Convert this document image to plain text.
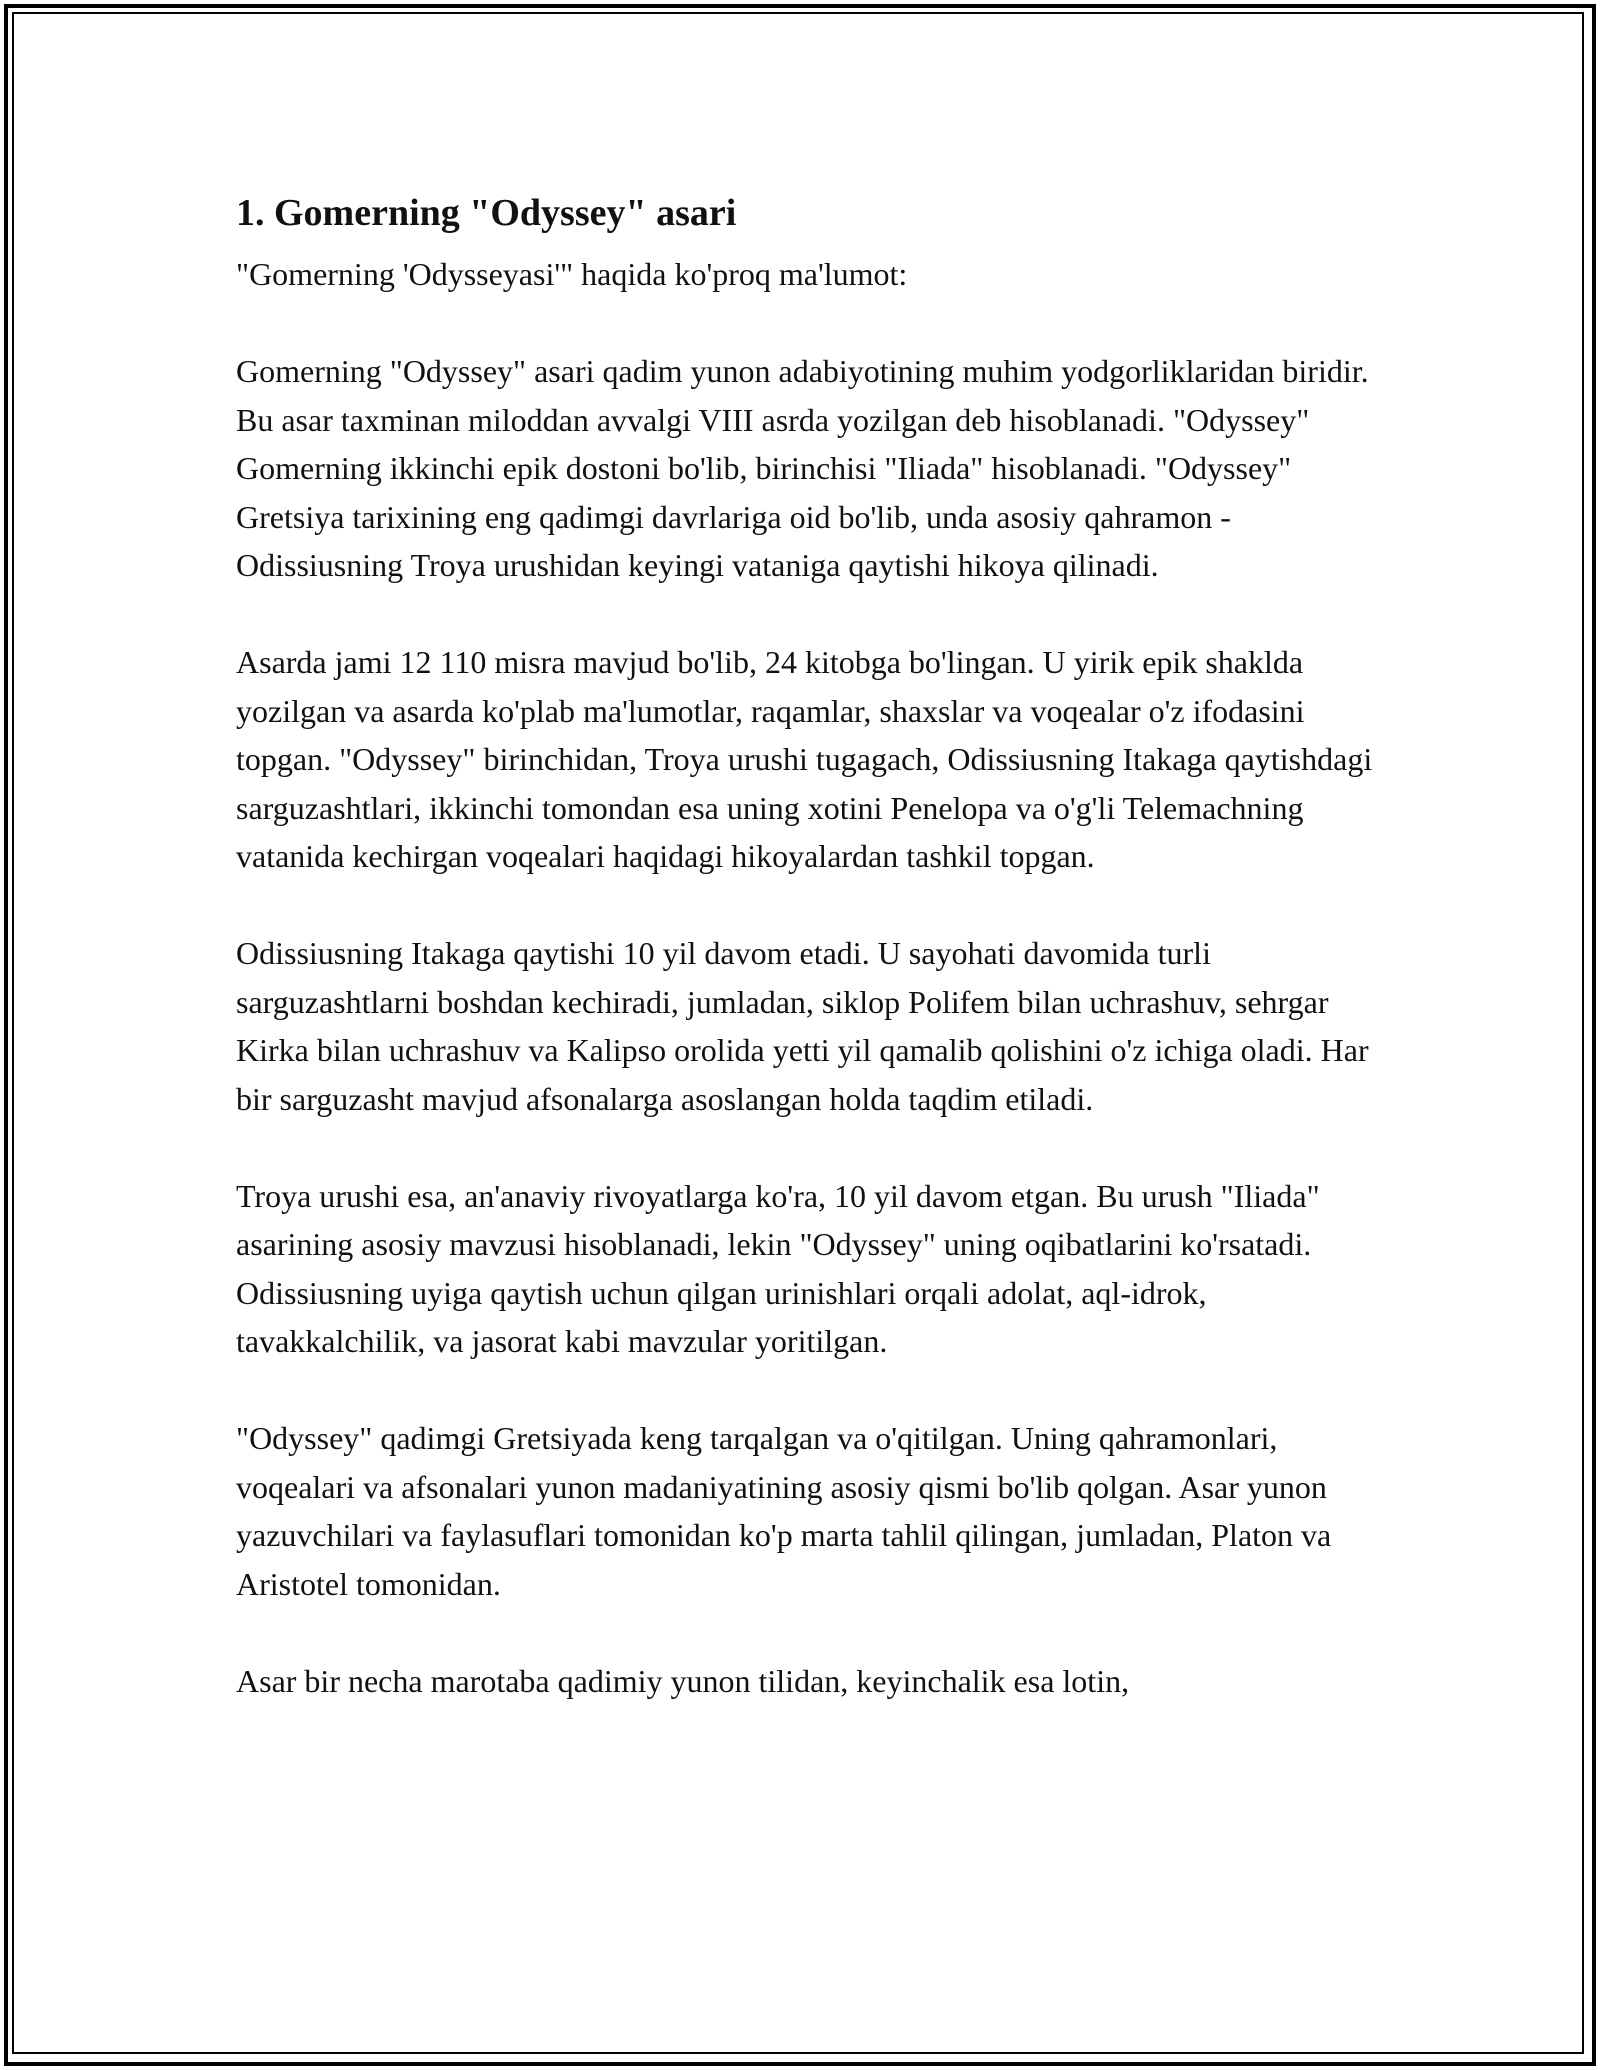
1. Gomerning "Odyssey" asari

"Gomerning 'Odysseyasi'" haqida ko'proq ma'lumot:

Gomerning "Odyssey" asari qadim yunon adabiyotining muhim yodgorliklaridan biridir. Bu asar taxminan miloddan avvalgi VIII asrda yozilgan deb hisoblanadi. "Odyssey" Gomerning ikkinchi epik dostoni bo'lib, birinchisi "Iliada" hisoblanadi. "Odyssey" Gretsiya tarixining eng qadimgi davrlariga oid bo'lib, unda asosiy qahramon - Odissiusning Troya urushidan keyingi vataniga qaytishi hikoya qilinadi.

Asarda jami 12 110 misra mavjud bo'lib, 24 kitobga bo'lingan. U yirik epik shaklda yozilgan va asarda ko'plab ma'lumotlar, raqamlar, shaxslar va voqealar o'z ifodasini topgan. "Odyssey" birinchidan, Troya urushi tugagach, Odissiusning Itakaga qaytishdagi sarguzashtlari, ikkinchi tomondan esa uning xotini Penelopa va o'g'li Telemachning vatanida kechirgan voqealari haqidagi hikoyalardan tashkil topgan.

Odissiusning Itakaga qaytishi 10 yil davom etadi. U sayohati davomida turli sarguzashtlarni boshdan kechiradi, jumladan, siklop Polifem bilan uchrashuv, sehrgar Kirka bilan uchrashuv va Kalipso orolida yetti yil qamalib qolishini o'z ichiga oladi. Har bir sarguzasht mavjud afsonalarga asoslangan holda taqdim etiladi.

Troya urushi esa, an'anaviy rivoyatlarga ko'ra, 10 yil davom etgan. Bu urush "Iliada" asarining asosiy mavzusi hisoblanadi, lekin "Odyssey" uning oqibatlarini ko'rsatadi. Odissiusning uyiga qaytish uchun qilgan urinishlari orqali adolat, aql-idrok, tavakkalchilik, va jasorat kabi mavzular yoritilgan.

"Odyssey" qadimgi Gretsiyada keng tarqalgan va o'qitilgan. Uning qahramonlari, voqealari va afsonalari yunon madaniyatining asosiy qismi bo'lib qolgan. Asar yunon yazuvchilari va faylasuflari tomonidan ko'p marta tahlil qilingan, jumladan, Platon va Aristotel tomonidan.

Asar bir necha marotaba qadimiy yunon tilidan, keyinchalik esa lotin,
